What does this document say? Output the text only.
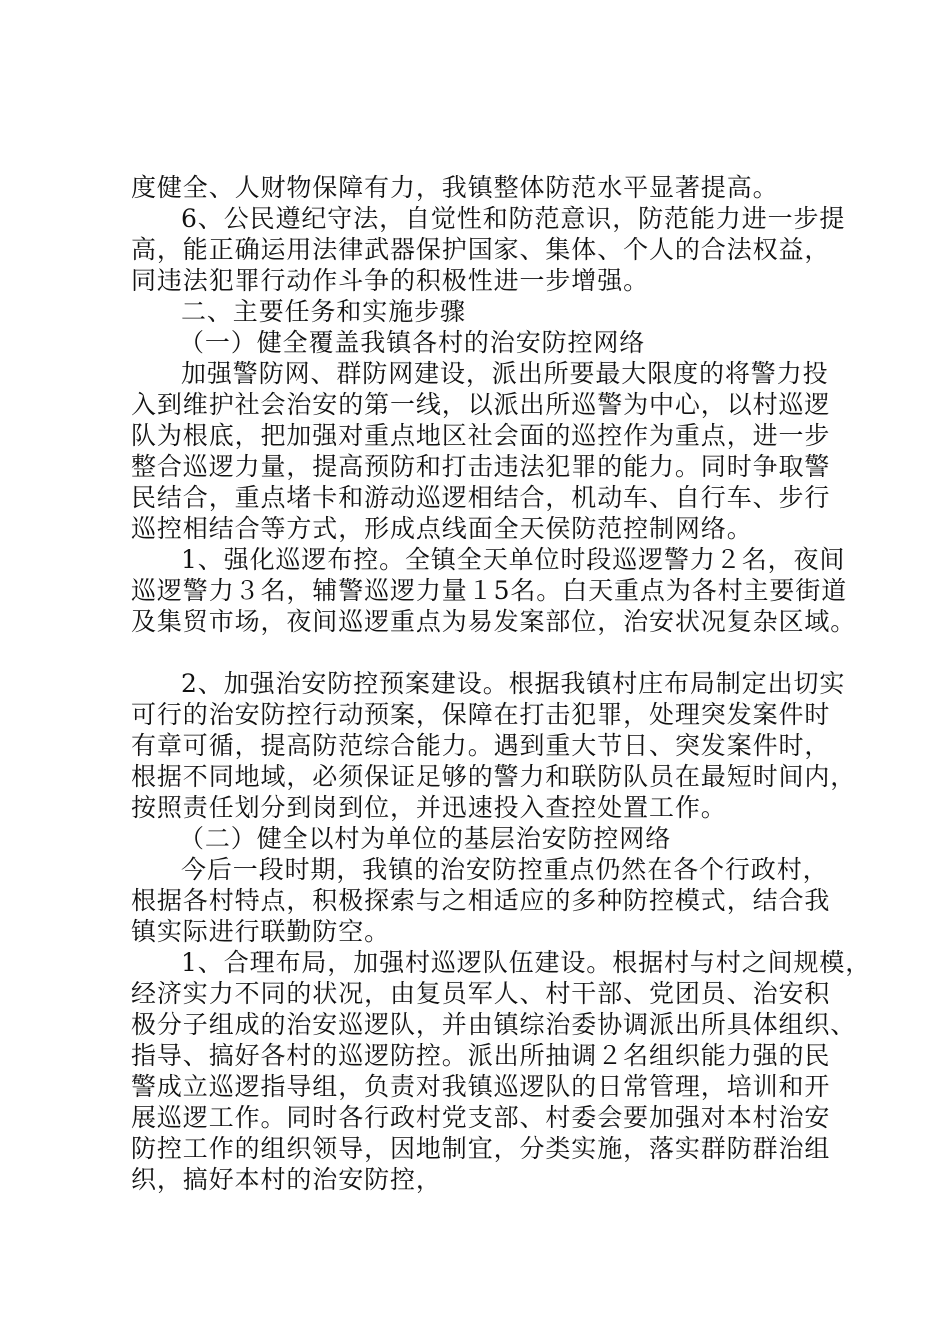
度健全、人财物保障有力，我镇整体防范水平显著提高。
6、公民遵纪守法，自觉性和防范意识，防范能力进一步提
高，能正确运用法律武器保护国家、集体、个人的合法权益，
同违法犯罪行动作斗争的积极性进一步增强。
二、主要任务和实施步骤
（一）健全覆盖我镇各村的治安防控网络
加强警防网、群防网建设，派出所要最大限度的将警力投
入到维护社会治安的第一线，以派出所巡警为中心，以村巡逻
队为根底，把加强对重点地区社会面的巡控作为重点，进一步
整合巡逻力量，提高预防和打击违法犯罪的能力。同时争取警
民结合，重点堵卡和游动巡逻相结合，机动车、自行车、步行
巡控相结合等方式，形成点线面全天侯防范控制网络。
1、强化巡逻布控。全镇全天单位时段巡逻警力２名，夜间
巡逻警力３名，辅警巡逻力量１5名。白天重点为各村主要街道
及集贸市场，夜间巡逻重点为易发案部位，治安状况复杂区域。
2、加强治安防控预案建设。根据我镇村庄布局制定出切实
可行的治安防控行动预案，保障在打击犯罪，处理突发案件时
有章可循，提高防范综合能力。遇到重大节日、突发案件时，
根据不同地域，必须保证足够的警力和联防队员在最短时间内，
按照责任划分到岗到位，并迅速投入查控处置工作。
（二）健全以村为单位的基层治安防控网络
今后一段时期，我镇的治安防控重点仍然在各个行政村，
根据各村特点，积极探索与之相适应的多种防控模式，结合我
镇实际进行联勤防空。
1、合理布局，加强村巡逻队伍建设。根据村与村之间规模，
经济实力不同的状况，由复员军人、村干部、党团员、治安积
极分子组成的治安巡逻队，并由镇综治委协调派出所具体组织、
指导、搞好各村的巡逻防控。派出所抽调２名组织能力强的民
警成立巡逻指导组，负责对我镇巡逻队的日常管理，培训和开
展巡逻工作。同时各行政村党支部、村委会要加强对本村治安
防控工作的组织领导，因地制宜，分类实施，落实群防群治组
织，搞好本村的治安防控，
